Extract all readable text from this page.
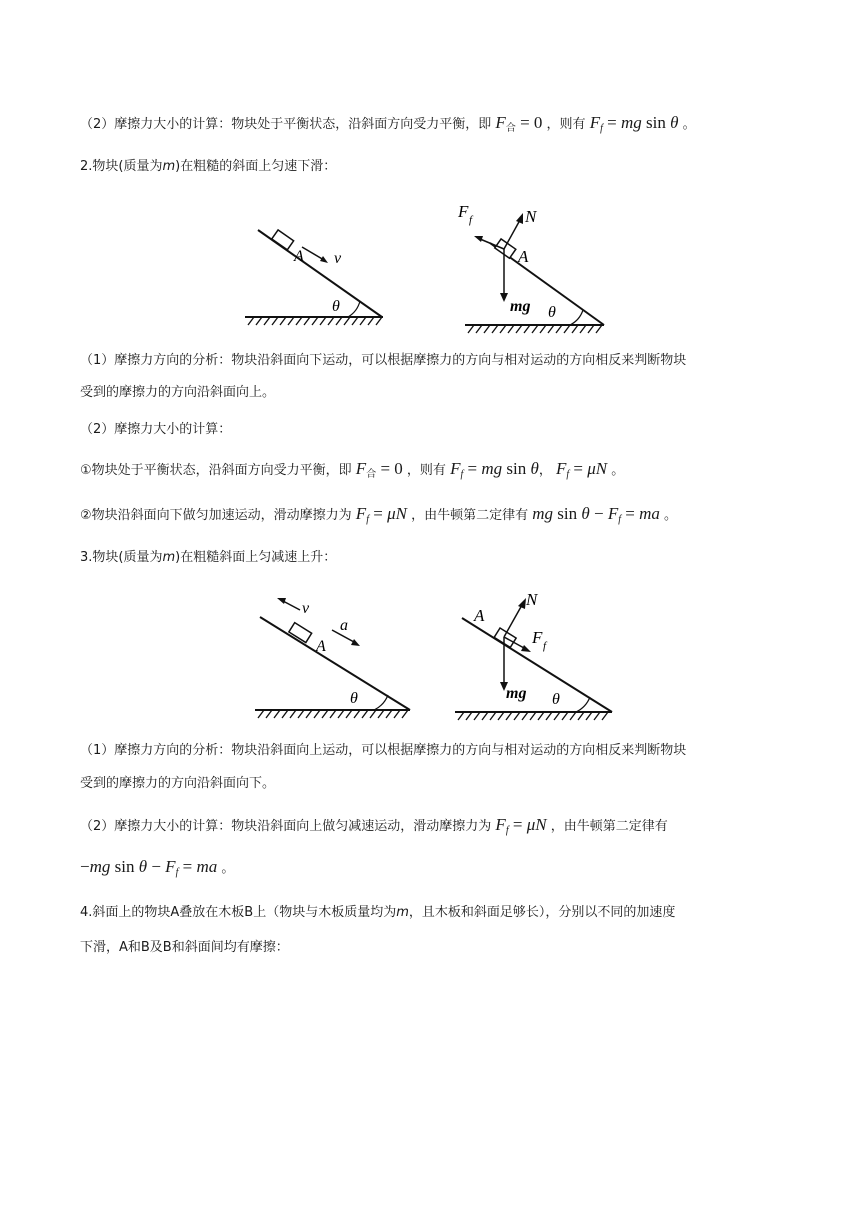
（2）摩擦力大小的计算：物块处于平衡状态，沿斜面方向受力平衡，即 $F_合 = 0$ ，则有 $F_f$ = mg sin θ 。
2.物块(质量为m)在粗糙的斜面上匀速下滑：
A v
θ
F f	N
A
mg θ
（1）摩擦力方向的分析：物块沿斜面向下运动，可以根据摩擦力的方向与相对运动的方向相反来判断物块
受到的摩擦力的方向沿斜面向上。
（2）摩擦力大小的计算：
①物块处于平衡状态，沿斜面方向受力平衡，即 $F_合 = 0$ ，则有 $F_f$ = mg sin θ， $F_f = \mu N$ 。
②物块沿斜面向下做匀加速运动，滑动摩擦力为 $F_f = \mu N$ ，由牛顿第二定律有 mg $\sin \theta - F_f$ = ma 。
3.物块(质量为m)在粗糙斜面上匀减速上升：
v
a
A
θ
A
N
F f
mg θ
（1）摩擦力方向的分析：物块沿斜面向上运动，可以根据摩擦力的方向与相对运动的方向相反来判断物块
受到的摩擦力的方向沿斜面向下。
（2）摩擦力大小的计算：物块沿斜面向上做匀减速运动，滑动摩擦力为 $F_f = \mu N$ ，由牛顿第二定律有
−mg $\sin \theta - F_f$ = ma 。
4.斜面上的物块A叠放在木板B上（物块与木板质量均为m，且木板和斜面足够长），分别以不同的加速度
下滑，A和B及B和斜面间均有摩擦：
